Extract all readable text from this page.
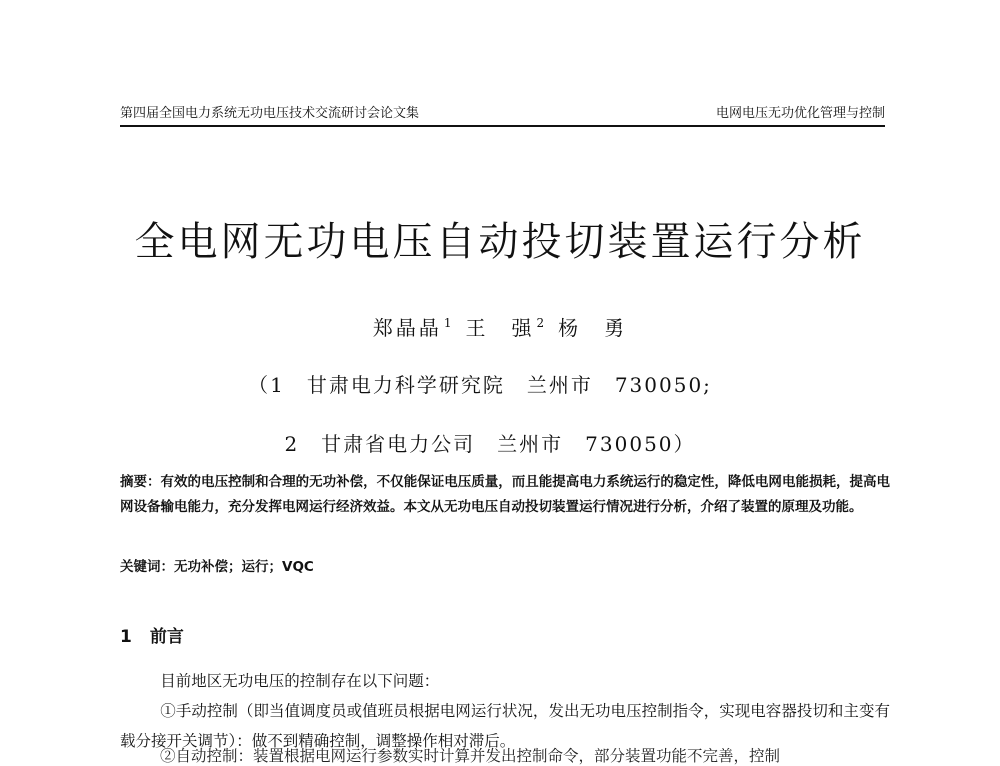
第四届全国电力系统无功电压技术交流研讨会论文集	电网电压无功优化管理与控制
全电网无功电压自动投切装置运行分析
郑晶晶 $^1$ 王　强 $^2$ 杨　勇
（1　甘肃电力科学研究院　兰州市　730050;
2　甘肃省电力公司　兰州市　730050）
摘要：有效的电压控制和合理的无功补偿，不仅能保证电压质量，而且能提高电力系统运行的稳定性，降低电网电能损耗，提高电网设备输电能力，充分发挥电网运行经济效益。本文从无功电压自动投切装置运行情况进行分析，介绍了装置的原理及功能。
关键词：无功补偿；运行；VQC
1 前言

目前地区无功电压的控制存在以下问题：

①手动控制（即当值调度员或值班员根据电网运行状况，发出无功电压控制指令，实现电容器投切和主变有载分接开关调节）：做不到精确控制，调整操作相对滞后。

②自动控制：装置根据电网运行参数实时计算并发出控制命令，部分装置功能不完善，控制
